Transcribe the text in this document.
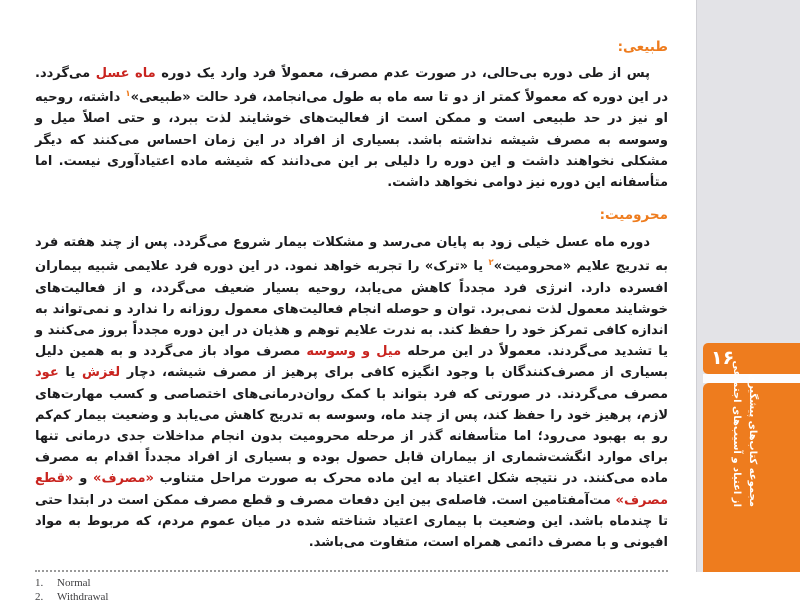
۱۶
مجموعه کتاب‌های پیشگیری
از اعتیاد و آسیب‌های اجتماعی
طبیعی:

پس از طی دوره بی‌حالی، در صورت عدم مصرف، معمولاً فرد وارد یک دوره ماه عسل می‌گردد. در این دوره که معمولاً کمتر از دو تا سه ماه به طول می‌انجامد، فرد حالت «طبیعی»$^۱$ داشته، روحیه او نیز در حد طبیعی است و ممکن است از فعالیت‌های خوشایند لذت ببرد، و حتی اصلاً میل و وسوسه به مصرف شیشه نداشته باشد. بسیاری از افراد در این زمان احساس می‌کنند که دیگر مشکلی نخواهند داشت و این دوره را دلیلی بر این می‌دانند که شیشه ماده اعتیادآوری نیست. اما متأسفانه این دوره نیز دوامی نخواهد داشت.

محرومیت:

دوره ماه عسل خیلی زود به پایان می‌رسد و مشکلات بیمار شروع می‌گردد. پس از چند هفته فرد به تدریج علایم «محرومیت»$^۲$ یا «ترک» را تجربه خواهد نمود. در این دوره فرد علایمی شبیه بیماران افسرده دارد. انرژی فرد مجدداً کاهش می‌یابد، روحیه بسیار ضعیف می‌گردد، و از فعالیت‌های خوشایند معمول لذت نمی‌برد. توان و حوصله انجام فعالیت‌های معمول روزانه را ندارد و نمی‌تواند به اندازه کافی تمرکز خود را حفظ کند. به ندرت علایم توهم و هذیان در این دوره مجدداً بروز می‌کنند و یا تشدید می‌گردند. معمولاً در این مرحله میل و وسوسه مصرف مواد باز می‌گردد و به همین دلیل بسیاری از مصرف‌کنندگان با وجود انگیزه کافی برای پرهیز از مصرف شیشه، دچار لغزش یا عود مصرف می‌گردند. در صورتی که فرد بتواند با کمک روان‌درمانی‌های اختصاصی و کسب مهارت‌های لازم، پرهیز خود را حفظ کند، پس از چند ماه، وسوسه به تدریج کاهش می‌یابد و وضعیت بیمار کم‌کم رو به بهبود می‌رود؛ اما متأسفانه گذر از مرحله محرومیت بدون انجام مداخلات جدی درمانی تنها برای موارد انگشت‌شماری از بیماران قابل حصول بوده و بسیاری از افراد مجدداً اقدام به مصرف ماده می‌کنند. در نتیجه شکل اعتیاد به این ماده محرک به صورت مراحل متناوب «مصرف» و «قطع مصرف» مت‌آمفتامین است. فاصله‌ی بین این دفعات مصرف و قطع مصرف ممکن است در ابتدا حتی تا چندماه باشد. این وضعیت با بیماری اعتیاد شناخته شده در میان عموم مردم، که مربوط به مواد افیونی و با مصرف دائمی همراه است، متفاوت می‌باشد.

1.	Normal
2.	Withdrawal
